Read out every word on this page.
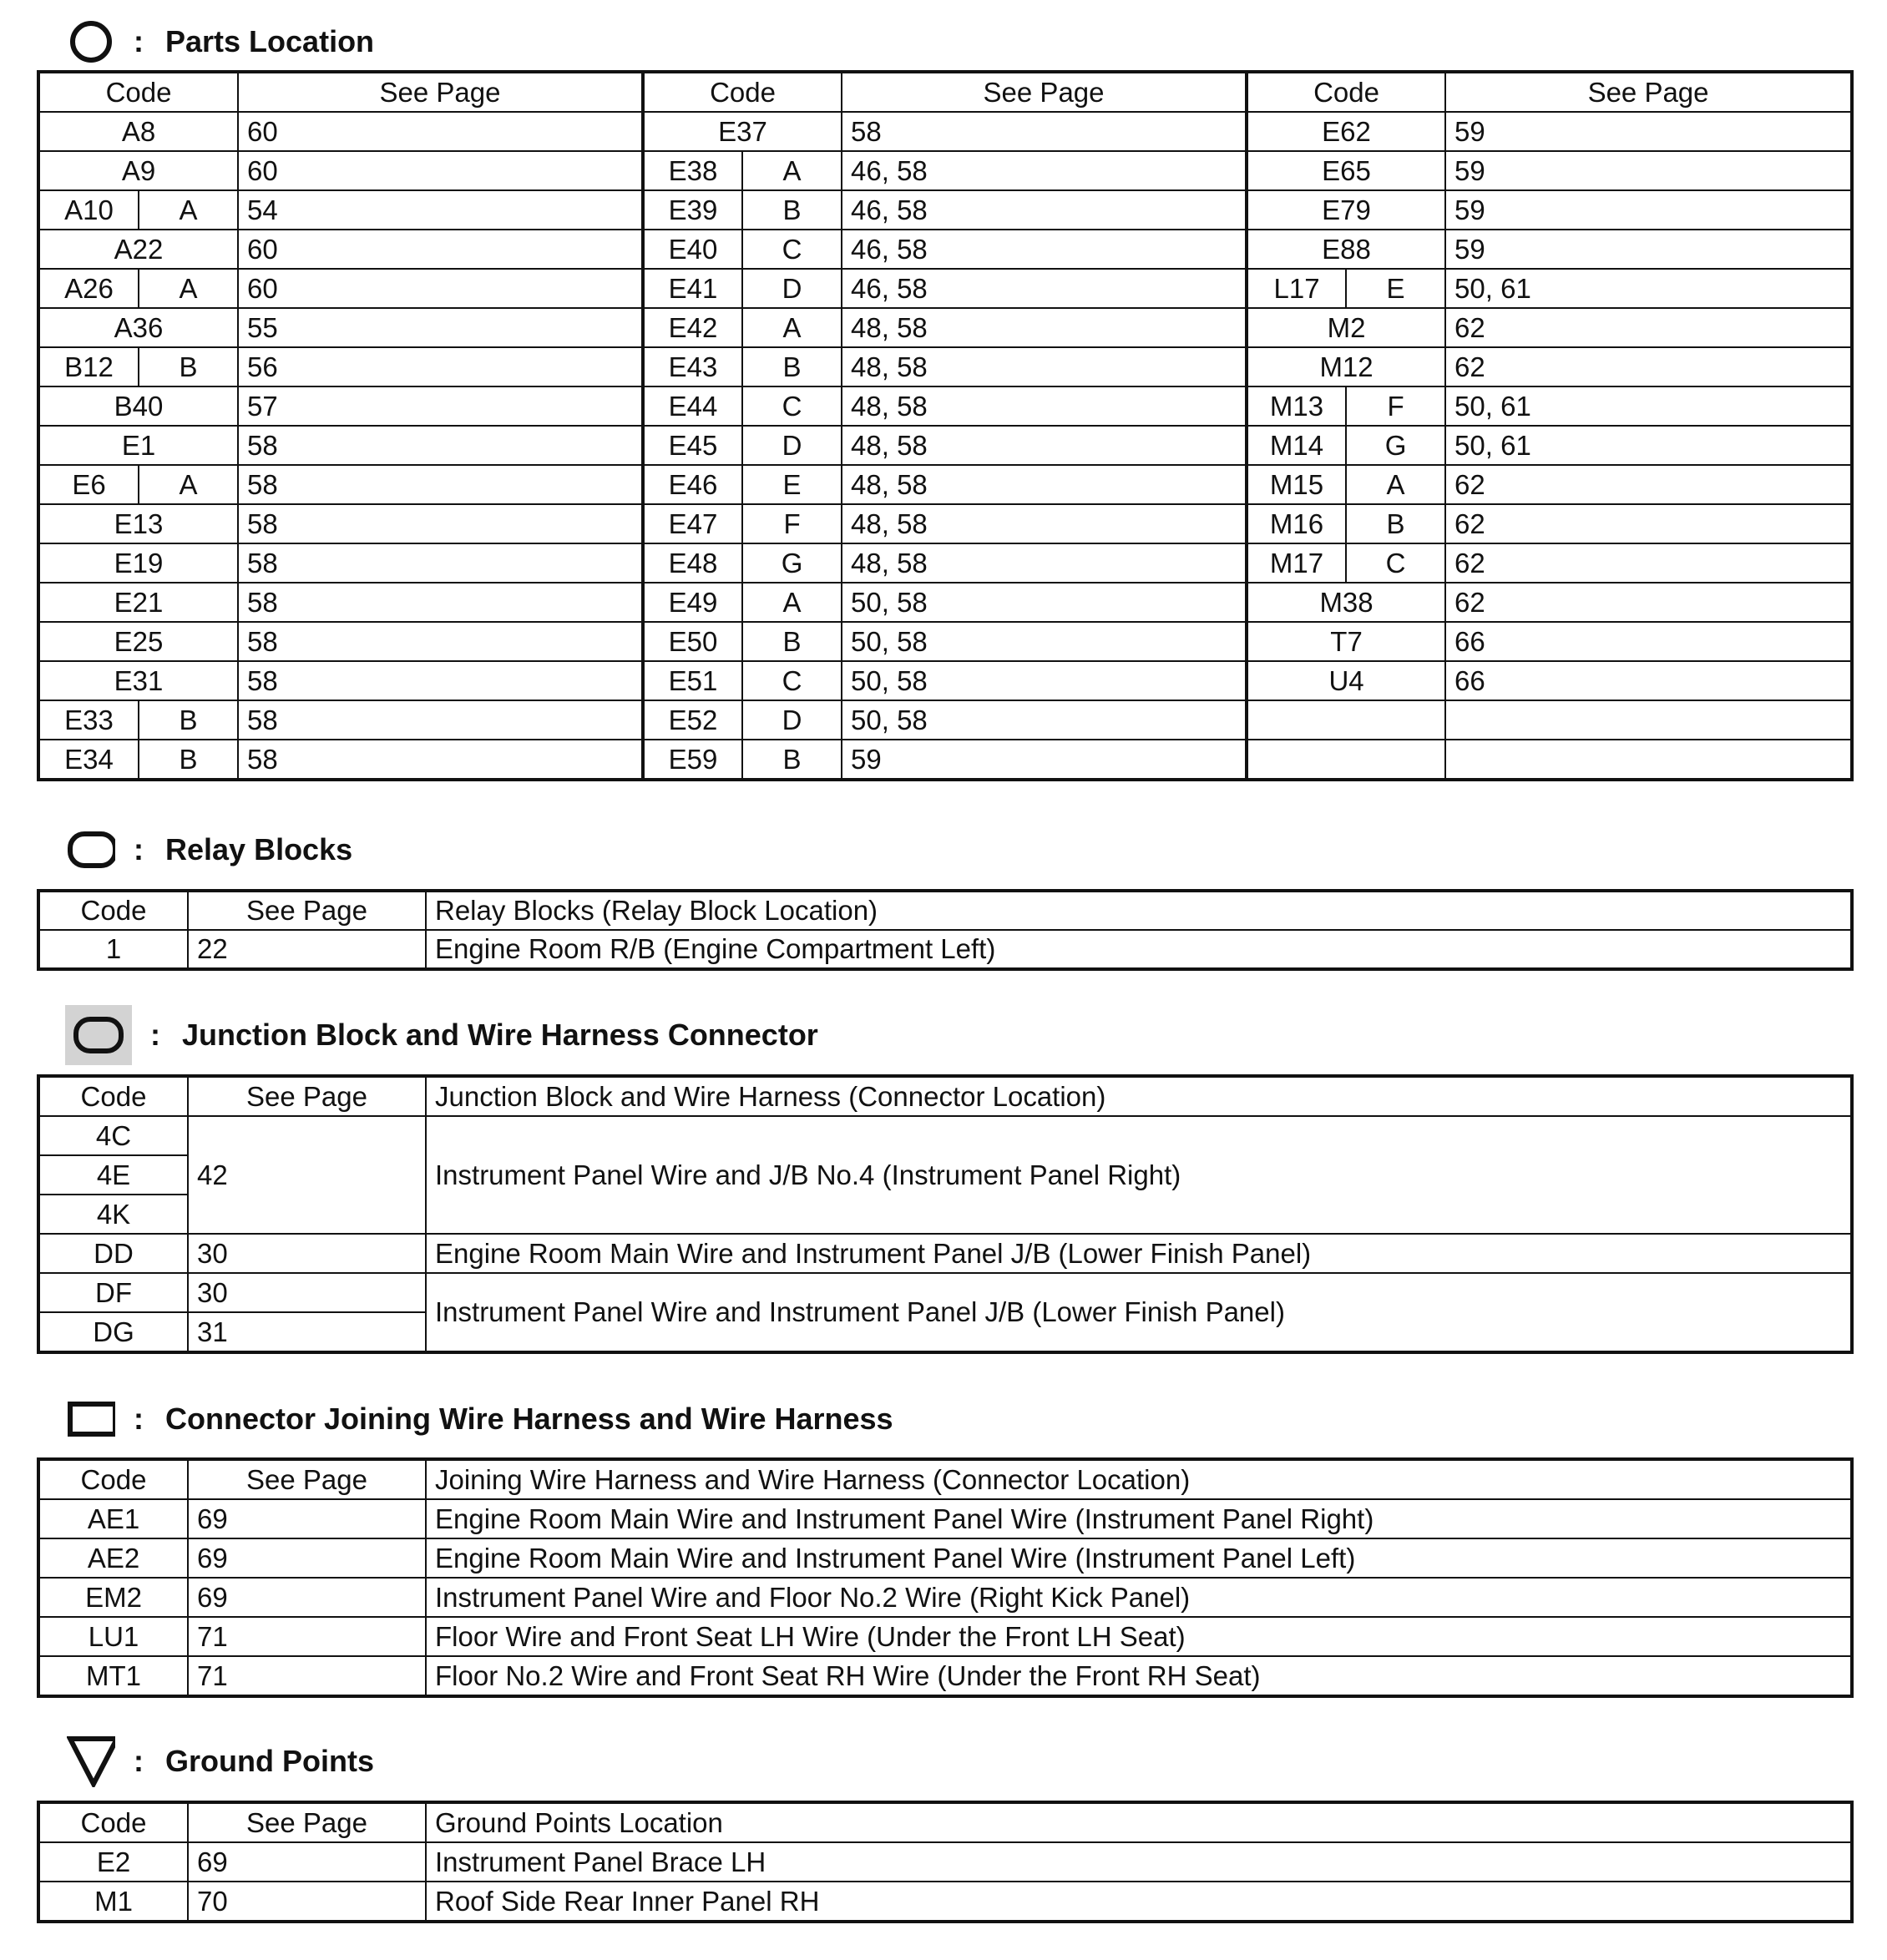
: Parts Location
Code		See Page	Code		See Page	Code		See Page
A8		60	E37		58	E62		59
A9		60	E38	A	46, 58	E65		59
A10	A	54	E39	B	46, 58	E79		59
A22		60	E40	C	46, 58	E88		59
A26	A	60	E41	D	46, 58	L17	E	50, 61
A36		55	E42	A	48, 58	M2		62
B12	B	56	E43	B	48, 58	M12		62
B40		57	E44	C	48, 58	M13	F	50, 61
E1		58	E45	D	48, 58	M14	G	50, 61
E6	A	58	E46	E	48, 58	M15	A	62
E13		58	E47	F	48, 58	M16	B	62
E19		58	E48	G	48, 58	M17	C	62
E21		58	E49	A	50, 58	M38		62
E25		58	E50	B	50, 58	T7		66
E31		58	E51	C	50, 58	U4		66
E33	B	58	E52	D	50, 58			
E34	B	58	E59	B	59			
: Relay Blocks
Code	See Page	Relay Blocks (Relay Block Location)
1	22	Engine Room R/B (Engine Compartment Left)
: Junction Block and Wire Harness Connector
Code	See Page	Junction Block and Wire Harness (Connector Location)
4C	42	Instrument Panel Wire and J/B No.4 (Instrument Panel Right)
4E		
4K		
DD	30	Engine Room Main Wire and Instrument Panel J/B (Lower Finish Panel)
DF	30	Instrument Panel Wire and Instrument Panel J/B (Lower Finish Panel)
DG	31	
: Connector Joining Wire Harness and Wire Harness
Code	See Page	Joining Wire Harness and Wire Harness (Connector Location)
AE1	69	Engine Room Main Wire and Instrument Panel Wire (Instrument Panel Right)
AE2	69	Engine Room Main Wire and Instrument Panel Wire (Instrument Panel Left)
EM2	69	Instrument Panel Wire and Floor No.2 Wire (Right Kick Panel)
LU1	71	Floor Wire and Front Seat LH Wire (Under the Front LH Seat)
MT1	71	Floor No.2 Wire and Front Seat RH Wire (Under the Front RH Seat)
: Ground Points
Code	See Page	Ground Points Location
E2	69	Instrument Panel Brace LH
M1	70	Roof Side Rear Inner Panel RH
